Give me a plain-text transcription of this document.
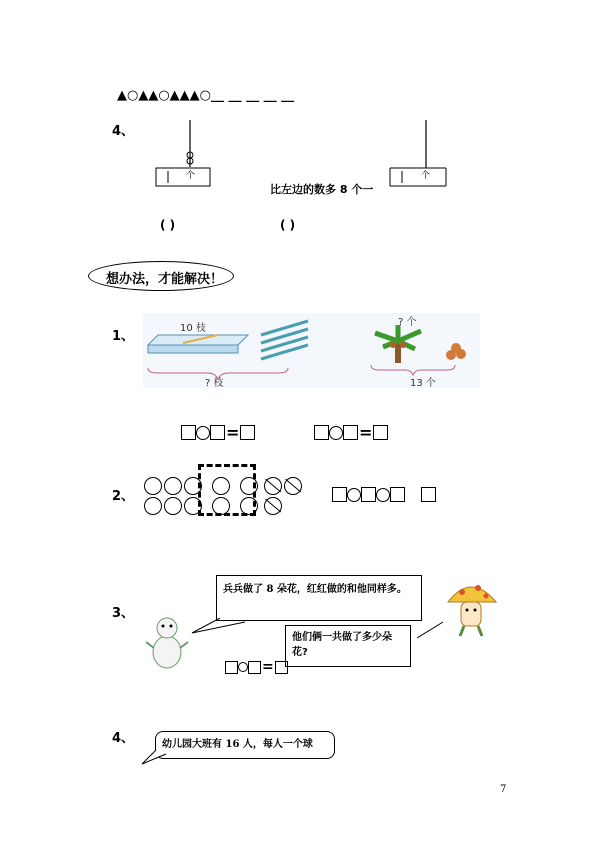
▲○▲▲○▲▲▲○__ __ __ __ __
4、
个	个
比左边的数多 8 个一
( )	( )
想办法，才能解决！
1、
10 枝
? 枝
? 个
13 个
=	=
2、
3、
兵兵做了 8 朵花，红红做的和他同样多。
他们俩一共做了多少朵花?
=
4、	幼儿园大班有 16 人，每人一个球
7
